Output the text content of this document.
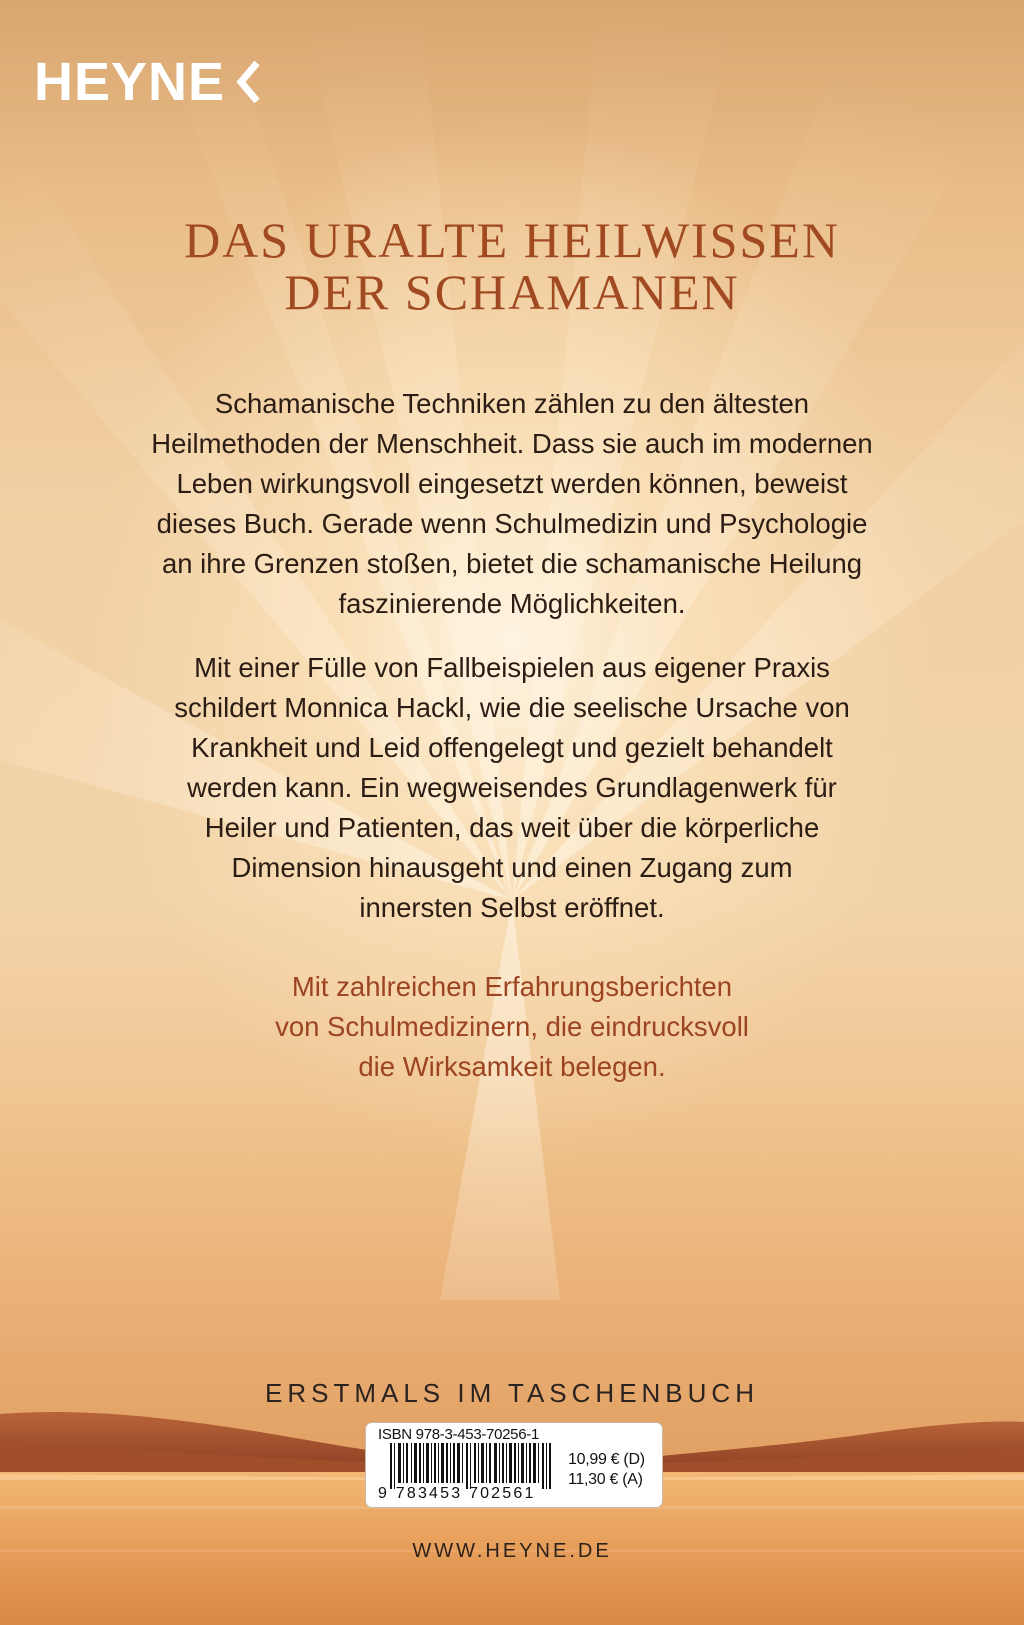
HEYNE
DAS URALTE HEILWISSEN
DER SCHAMANEN
Schamanische Techniken zählen zu den ältesten
Heilmethoden der Menschheit. Dass sie auch im modernen
Leben wirkungsvoll eingesetzt werden können, beweist
dieses Buch. Gerade wenn Schulmedizin und Psychologie
an ihre Grenzen stoßen, bietet die schamanische Heilung
faszinierende Möglichkeiten.
Mit einer Fülle von Fallbeispielen aus eigener Praxis
schildert Monnica Hackl, wie die seelische Ursache von
Krankheit und Leid offengelegt und gezielt behandelt
werden kann. Ein wegweisendes Grundlagenwerk für
Heiler und Patienten, das weit über die körperliche
Dimension hinausgeht und einen Zugang zum
innersten Selbst eröffnet.
Mit zahlreichen Erfahrungsberichten
von Schulmedizinern, die eindrucksvoll
die Wirksamkeit belegen.
ERSTMALS IM TASCHENBUCH
ISBN 978-3-453-70256-1
9 783453 702561
10,99 € (D)
11,30 € (A)
WWW.HEYNE.DE
